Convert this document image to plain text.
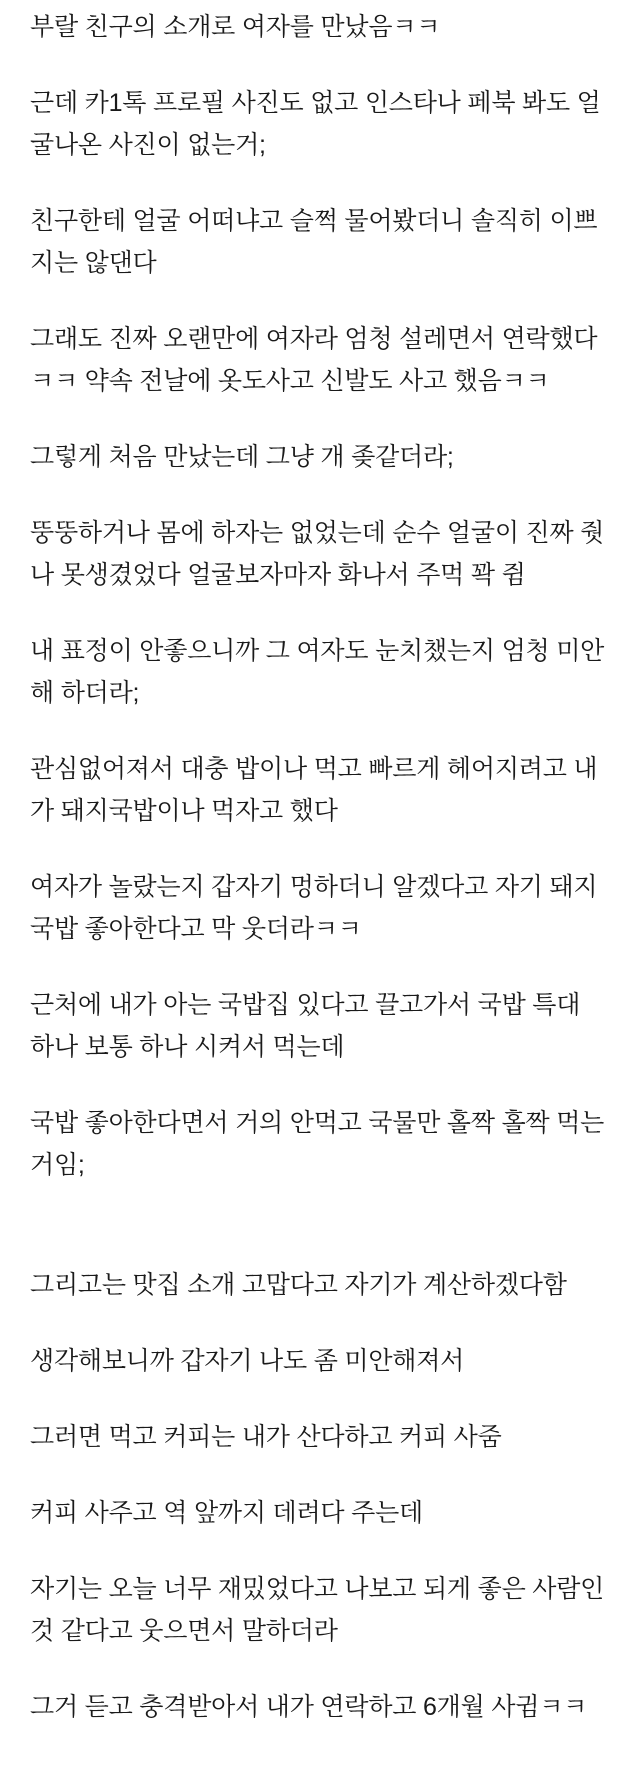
부랄 친구의 소개로 여자를 만났음ㅋㅋ

근데 카1톡 프로필 사진도 없고 인스타나 페북 봐도 얼굴나온 사진이 없는거;

친구한테 얼굴 어떠냐고 슬쩍 물어봤더니 솔직히 이쁘지는 않댄다

그래도 진짜 오랜만에 여자라 엄청 설레면서 연락했다ㅋㅋ 약속 전날에 옷도사고 신발도 사고 했음ㅋㅋ

그렇게 처음 만났는데 그냥 개 좆같더라;

뚱뚱하거나 몸에 하자는 없었는데 순수 얼굴이 진짜 줫나 못생겼었다 얼굴보자마자 화나서 주먹 꽉 쥠

내 표정이 안좋으니까 그 여자도 눈치챘는지 엄청 미안해 하더라;

관심없어져서 대충 밥이나 먹고 빠르게 헤어지려고 내가 돼지국밥이나 먹자고 했다

여자가 놀랐는지 갑자기 멍하더니 알겠다고 자기 돼지국밥 좋아한다고 막 웃더라ㅋㅋ

근처에 내가 아는 국밥집 있다고 끌고가서 국밥 특대 하나 보통 하나 시켜서 먹는데

국밥 좋아한다면서 거의 안먹고 국물만 홀짝 홀짝 먹는거임;

그리고는 맛집 소개 고맙다고 자기가 계산하겠다함

생각해보니까 갑자기 나도 좀 미안해져서

그러면 먹고 커피는 내가 산다하고 커피 사줌

커피 사주고 역 앞까지 데려다 주는데

자기는 오늘 너무 재밌었다고 나보고 되게 좋은 사람인것 같다고 웃으면서 말하더라

그거 듣고 충격받아서 내가 연락하고 6개월 사귐ㅋㅋ
